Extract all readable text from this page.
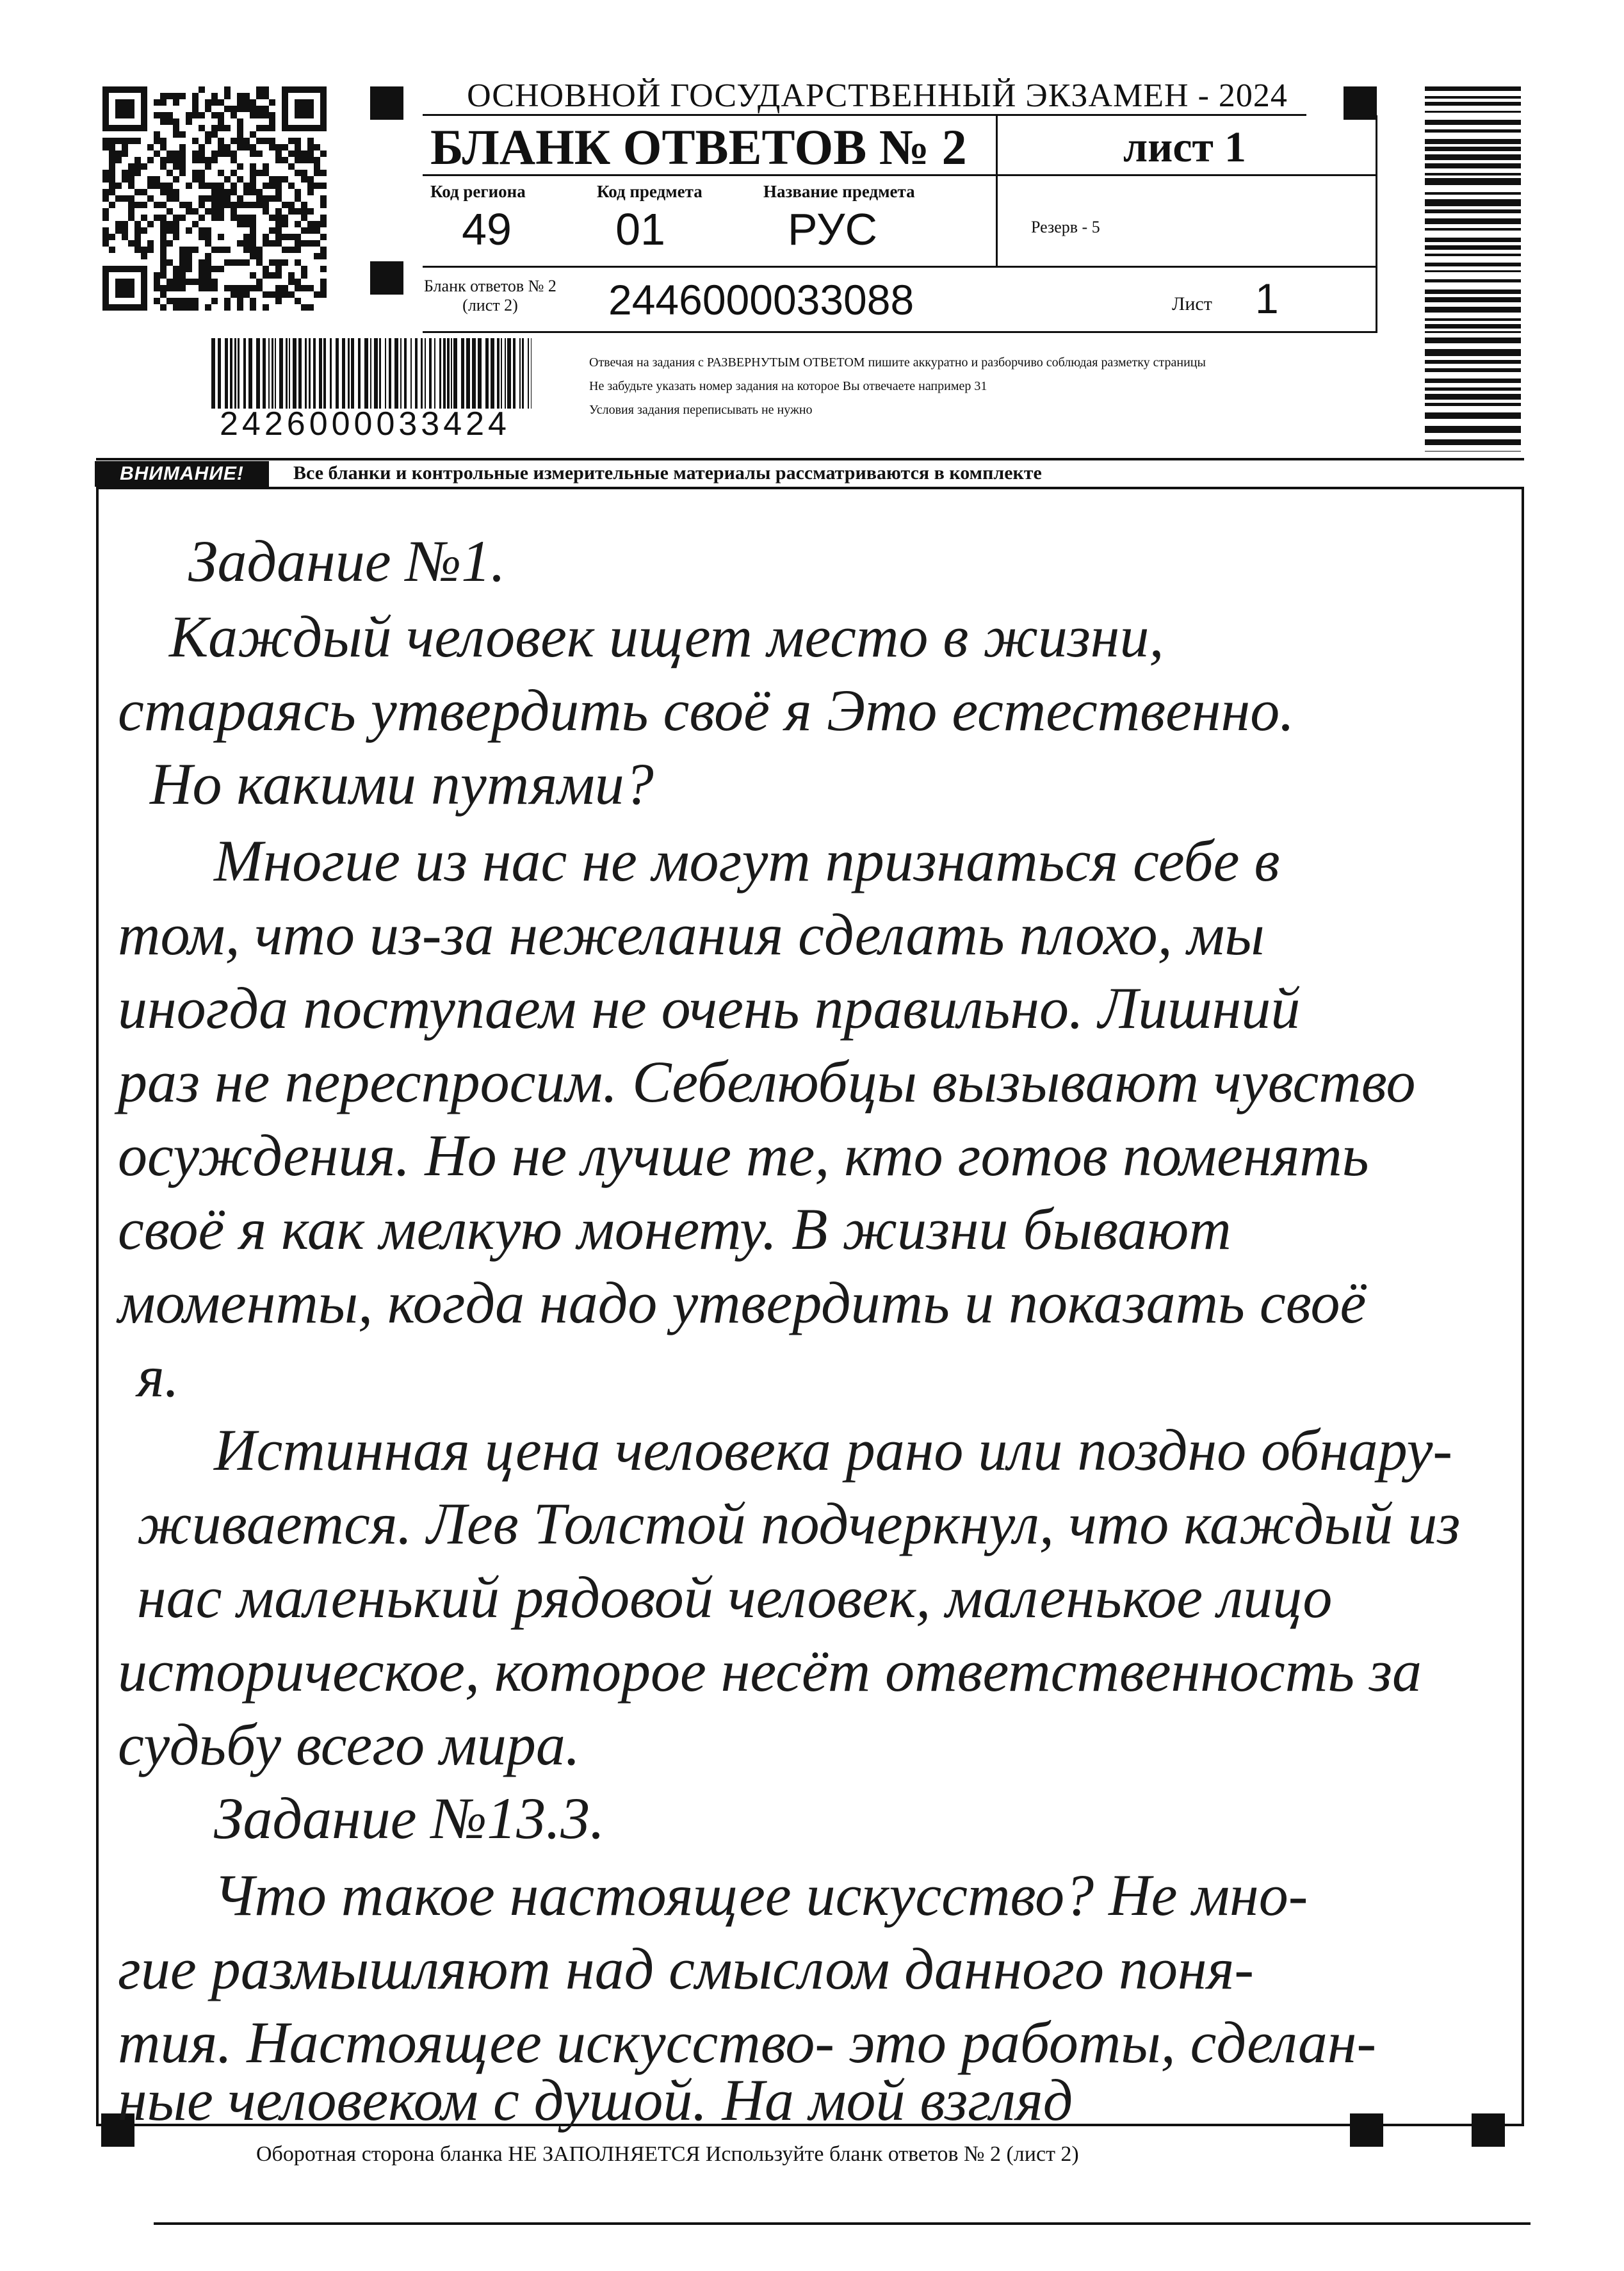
2426000033424
ОСНОВНОЙ ГОСУДАРСТВЕННЫЙ ЭКЗАМЕН - 2024
БЛАНК ОТВЕТОВ № 2	лист 1
Код региона
49
Код предмета
01
Название предмета
РУС	Резерв - 5
Бланк ответов № 2
(лист 2)	2446000033088	Лист 1
Отвечая на задания с РАЗВЕРНУТЫМ ОТВЕТОМ пишите аккуратно и разборчиво соблюдая разметку страницы
Не забудьте указать номер задания на которое Вы отвечаете например 31
Условия задания переписывать не нужно
ВНИМАНИЕ!	Все бланки и контрольные измерительные материалы рассматриваются в комплекте
Задание №1.
Каждый человек ищет место в жизни,
стараясь утвердить своё я Это естественно.
Но какими путями?
Многие из нас не могут признаться себе в
том, что из-за нежелания сделать плохо, мы
иногда поступаем не очень правильно. Лишний
раз не переспросим. Себелюбцы вызывают чувство
осуждения. Но не лучше те, кто готов поменять
своё я как мелкую монету. В жизни бывают
моменты, когда надо утвердить и показать своё
я.
Истинная цена человека рано или поздно обнару-
живается. Лев Толстой подчеркнул, что каждый из
нас маленький рядовой человек, маленькое лицо
историческое, которое несёт ответственность за
судьбу всего мира.
Задание №13.3.
Что такое настоящее искусство? Не мно-
гие размышляют над смыслом данного поня-
тия. Настоящее искусство- это работы, сделан-
ные человеком с душой. На мой взгляд
Оборотная сторона бланка НЕ ЗАПОЛНЯЕТСЯ Используйте бланк ответов № 2 (лист 2)
